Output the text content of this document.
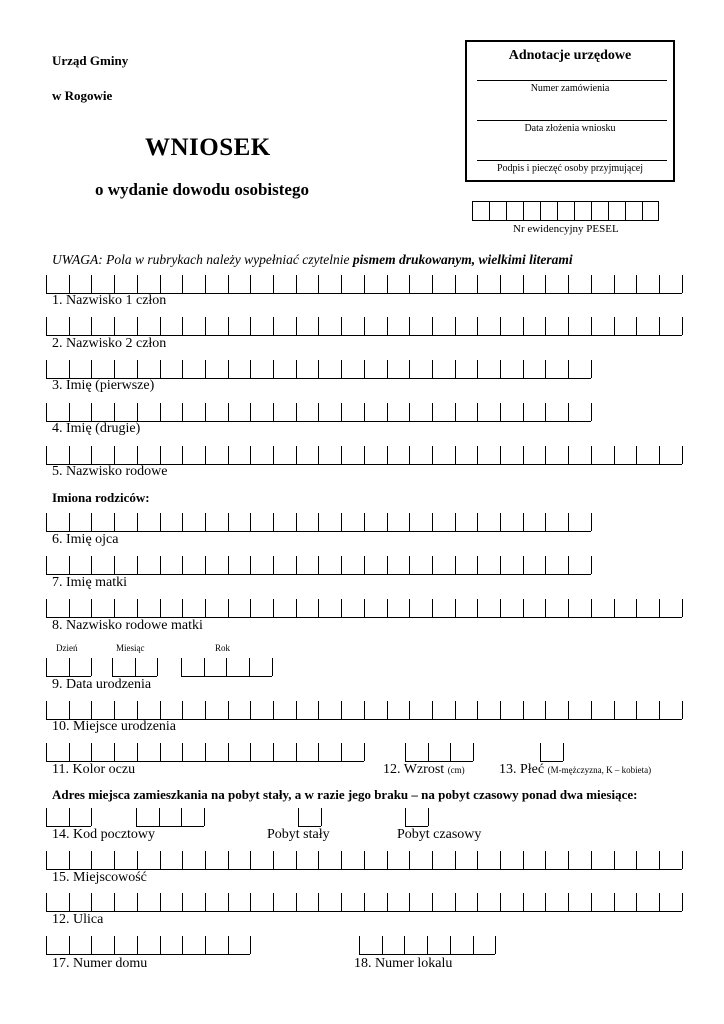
Urząd Gminy
w Rogowie
WNIOSEK
o wydanie dowodu osobistego
Adnotacje urzędowe
Numer zamówienia
Data złożenia wniosku
Podpis i pieczęć osoby przyjmującej
Nr ewidencyjny PESEL
UWAGA: Pola w rubrykach należy wypełniać czytelnie pismem drukowanym, wielkimi literami
1. Nazwisko 1 człon
2. Nazwisko 2 człon
3. Imię (pierwsze)
4. Imię (drugie)
5. Nazwisko rodowe
Imiona rodziców:
6. Imię ojca
7. Imię matki
8. Nazwisko rodowe matki
Dzień	Miesiąc	Rok
9. Data urodzenia
10. Miejsce urodzenia
11. Kolor oczu	12. Wzrost (cm) 13. Płeć (M-mężczyzna, K – kobieta)
Adres miejsca zamieszkania na pobyt stały, a w razie jego braku – na pobyt czasowy ponad dwa miesiące:
14. Kod pocztowy	Pobyt stały	Pobyt czasowy
15. Miejscowość
12. Ulica
17. Numer domu	18. Numer lokalu
